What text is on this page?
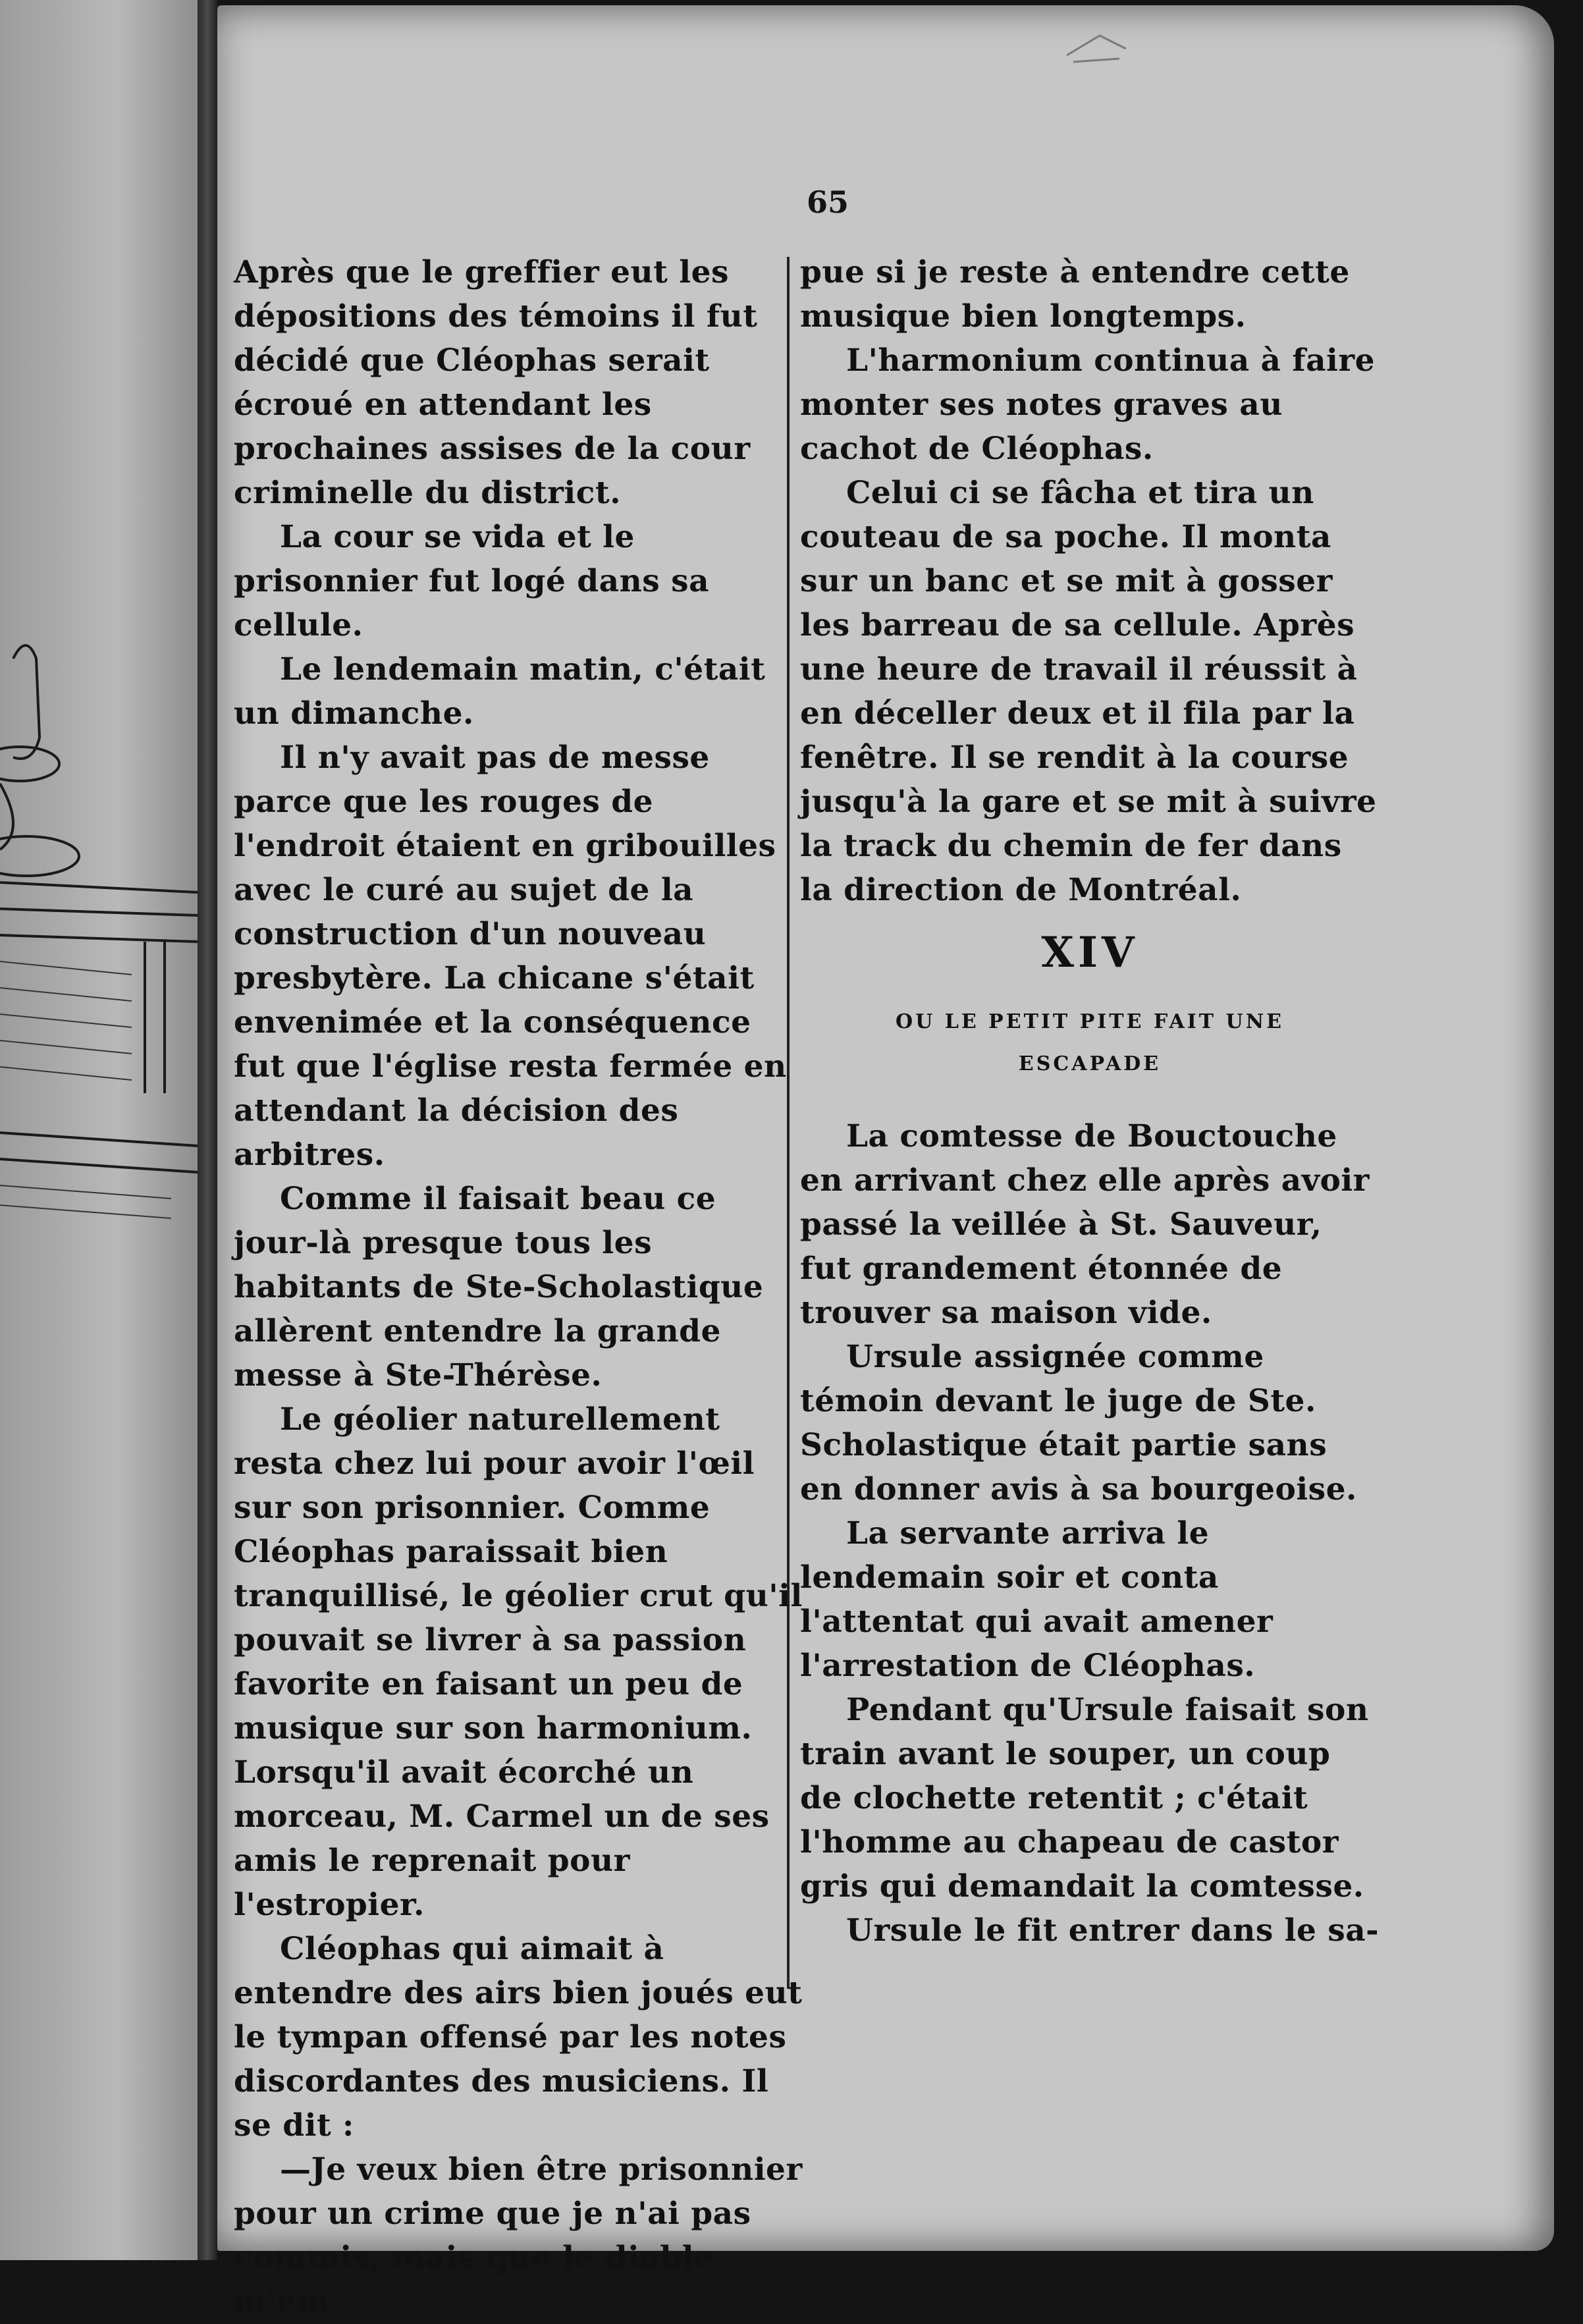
65

Après que le greffier eut les dépositions des témoins il fut décidé que Cléophas serait écroué en attendant les prochaines assises de la cour criminelle du district.

La cour se vida et le prisonnier fut logé dans sa cellule.

Le lendemain matin, c'était un dimanche.

Il n'y avait pas de messe parce que les rouges de l'endroit étaient en gribouilles avec le curé au sujet de la construction d'un nouveau presbytère. La chicane s'était envenimée et la conséquence fut que l'église resta fermée en attendant la décision des arbitres.

Comme il faisait beau ce jour-là presque tous les habitants de Ste-Scholastique allèrent entendre la grande messe à Ste-Thérèse.

Le géolier naturellement resta chez lui pour avoir l'œil sur son prisonnier. Comme Cléophas paraissait bien tranquillisé, le géolier crut qu'il pouvait se livrer à sa passion favorite en faisant un peu de musique sur son harmonium. Lorsqu'il avait écorché un morceau, M. Carmel un de ses amis le reprenait pour l'estropier.

Cléophas qui aimait à entendre des airs bien joués eut le tympan offensé par les notes discordantes des musiciens. Il se dit :

—Je veux bien être prisonnier pour un crime que je n'ai pas commis, mais que le diable m'em-

pue si je reste à entendre cette musique bien longtemps.

L'harmonium continua à faire monter ses notes graves au cachot de Cléophas.

Celui ci se fâcha et tira un couteau de sa poche. Il monta sur un banc et se mit à gosser les barreau de sa cellule. Après une heure de travail il réussit à en déceller deux et il fila par la fenêtre. Il se rendit à la course jusqu'à la gare et se mit à suivre la track du chemin de fer dans la direction de Montréal.

XIV
OU LE PETIT PITE FAIT UNE
ESCAPADE

La comtesse de Bouctouche en arrivant chez elle après avoir passé la veillée à St. Sauveur, fut grandement étonnée de trouver sa maison vide.

Ursule assignée comme témoin devant le juge de Ste. Scholastique était partie sans en donner avis à sa bourgeoise.

La servante arriva le lendemain soir et conta l'attentat qui avait amener l'arrestation de Cléophas.

Pendant qu'Ursule faisait son train avant le souper, un coup de clochette retentit ; c'était l'homme au chapeau de castor gris qui demandait la comtesse.

Ursule le fit entrer dans le sa-
